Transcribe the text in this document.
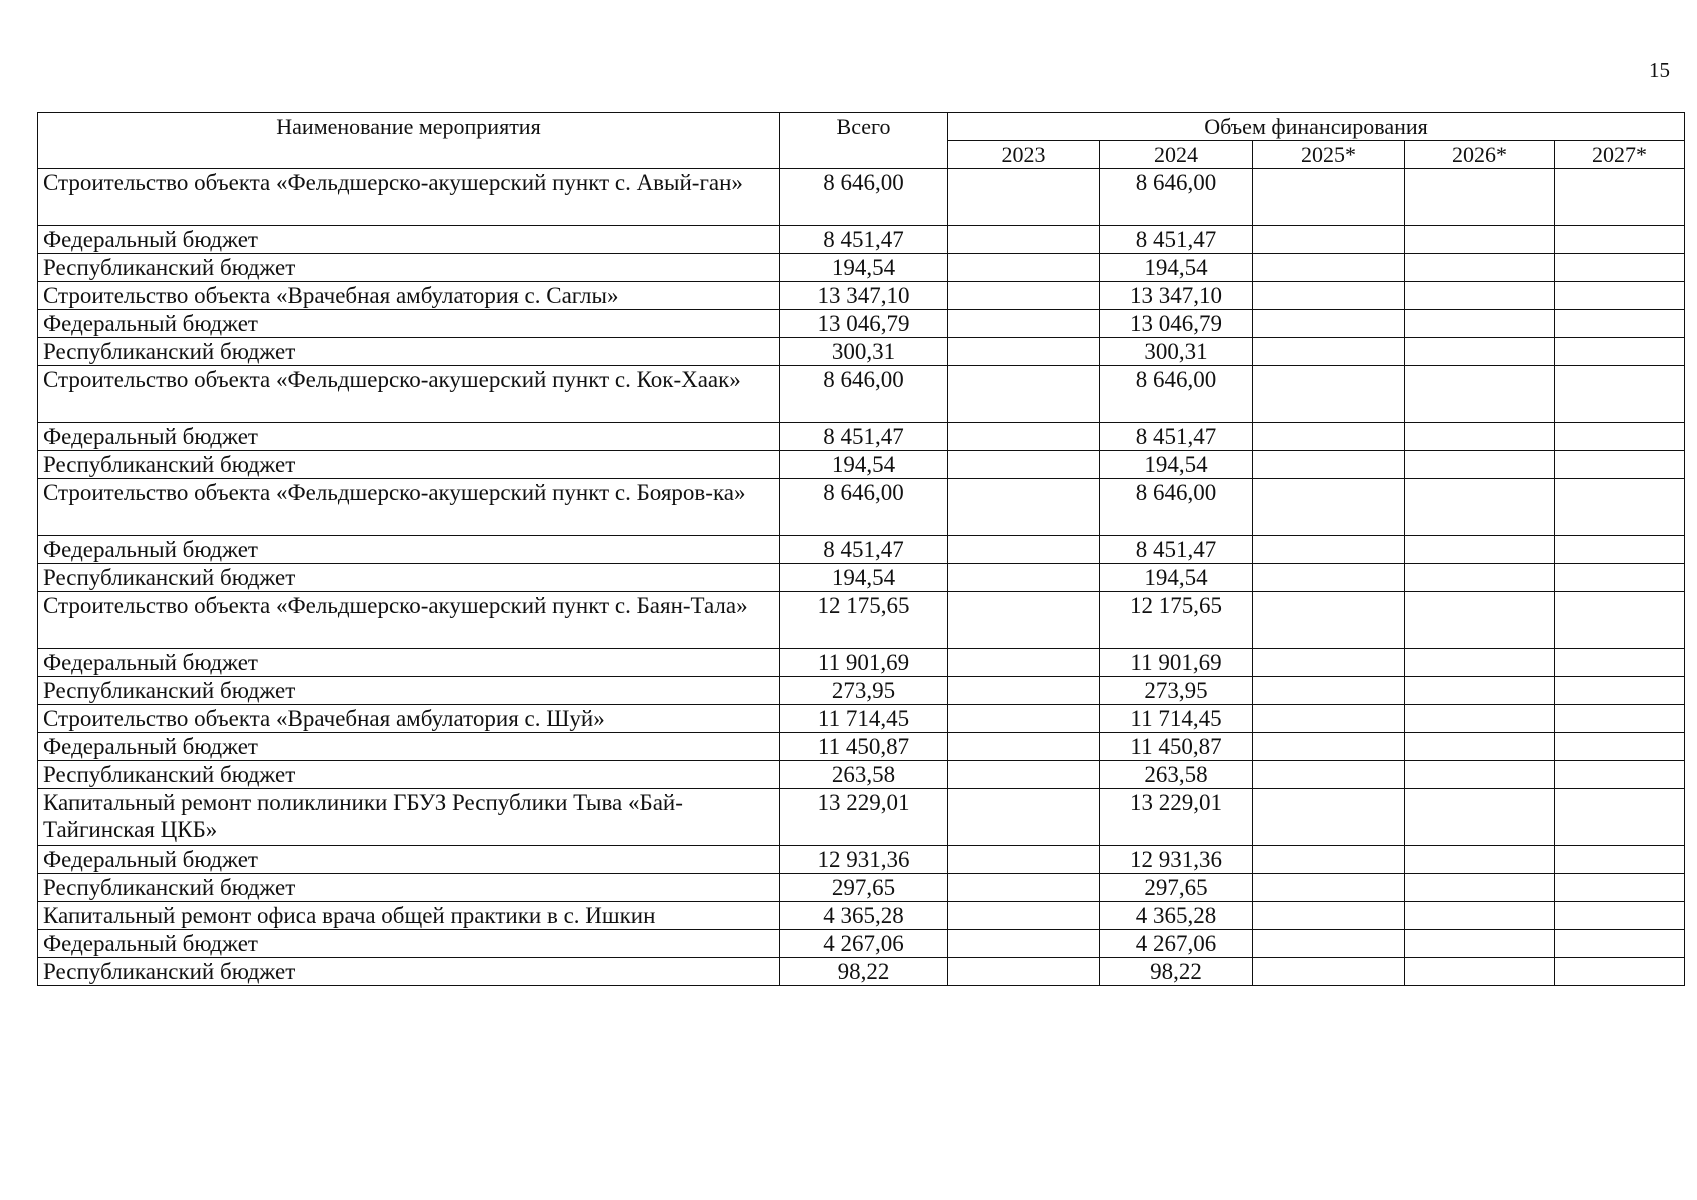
15
Наименование мероприятия	Всего	Объем финансирования				
		2023	2024	2025*	2026*	2027*
Строительство объекта «Фельдшерско-акушерский пункт с. Авый-ган»	8 646,00		8 646,00			
Федеральный бюджет	8 451,47		8 451,47			
Республиканский бюджет	194,54		194,54			
Строительство объекта «Врачебная амбулатория с. Саглы»	13 347,10		13 347,10			
Федеральный бюджет	13 046,79		13 046,79			
Республиканский бюджет	300,31		300,31			
Строительство объекта «Фельдшерско-акушерский пункт с. Кок-Хаак»	8 646,00		8 646,00			
Федеральный бюджет	8 451,47		8 451,47			
Республиканский бюджет	194,54		194,54			
Строительство объекта «Фельдшерско-акушерский пункт с. Бояров-ка»	8 646,00		8 646,00			
Федеральный бюджет	8 451,47		8 451,47			
Республиканский бюджет	194,54		194,54			
Строительство объекта «Фельдшерско-акушерский пункт с. Баян-Тала»	12 175,65		12 175,65			
Федеральный бюджет	11 901,69		11 901,69			
Республиканский бюджет	273,95		273,95			
Строительство объекта «Врачебная амбулатория с. Шуй»	11 714,45		11 714,45			
Федеральный бюджет	11 450,87		11 450,87			
Республиканский бюджет	263,58		263,58			
Капитальный ремонт поликлиники ГБУЗ Республики Тыва «Бай-Тайгинская ЦКБ»	13 229,01		13 229,01			
Федеральный бюджет	12 931,36		12 931,36			
Республиканский бюджет	297,65		297,65			
Капитальный ремонт офиса врача общей практики в с. Ишкин	4 365,28		4 365,28			
Федеральный бюджет	4 267,06		4 267,06			
Республиканский бюджет	98,22		98,22			
